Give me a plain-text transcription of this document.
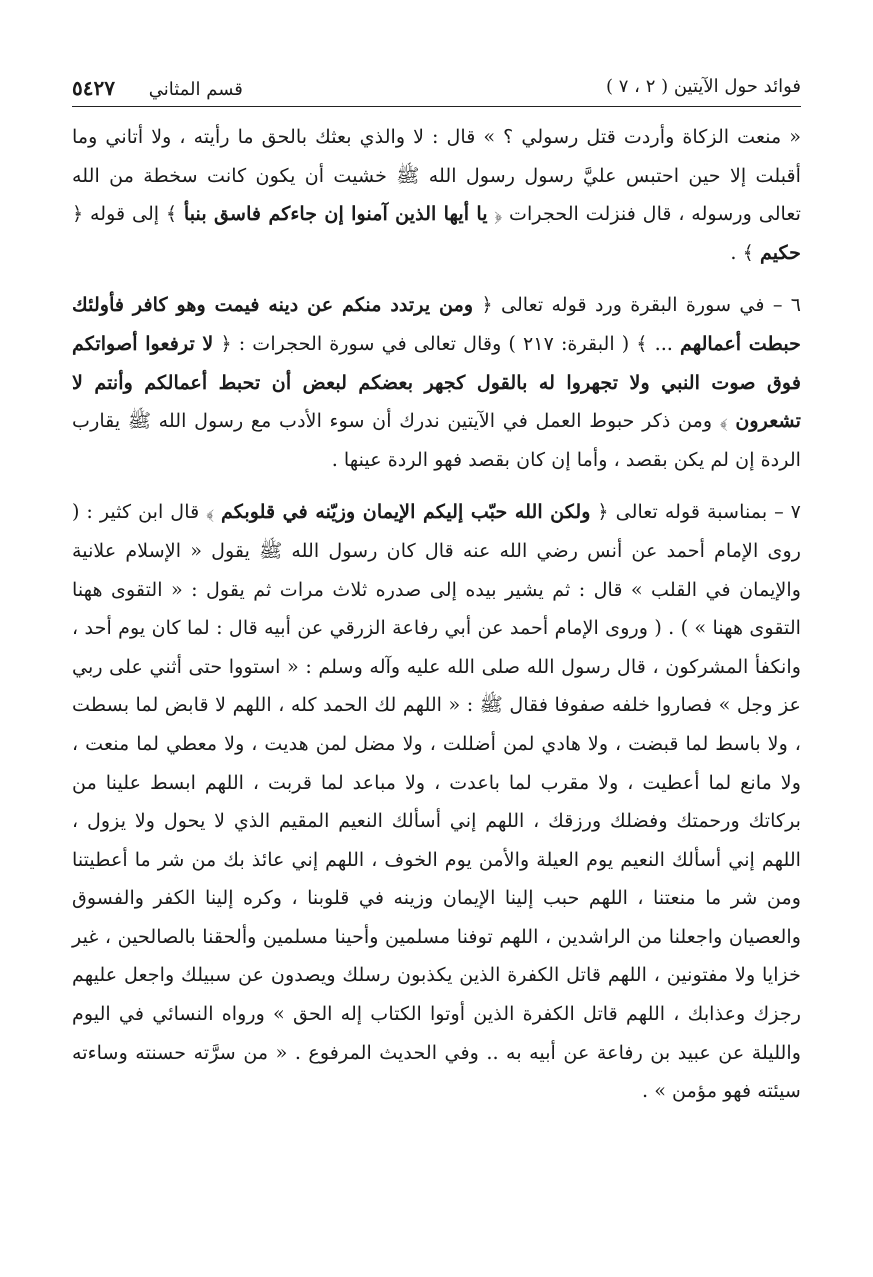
فوائد حول الآيتين ( ٢ ، ٧ )
قسم المثاني ٥٤٢٧

« منعت الزكاة وأردت قتل رسولي ؟ » قال : لا والذي بعثك بالحق ما رأيته ، ولا أتاني وما أقبلت إلا حين احتبس عليَّ رسول رسول الله ﷺ خشيت أن يكون كانت سخطة من الله تعالى ورسوله ، قال فنزلت الحجرات ﴿ يا أيها الذين آمنوا إن جاءكم فاسق بنبأ ﴾ إلى قوله ﴿ حكيم ﴾ .

٦ – في سورة البقرة ورد قوله تعالى ﴿ ومن يرتدد منكم عن دينه فيمت وهو كافر فأولئك حبطت أعمالهم ... ﴾ ( البقرة: ٢١٧ ) وقال تعالى في سورة الحجرات : ﴿ لا ترفعوا أصواتكم فوق صوت النبي ولا تجهروا له بالقول كجهر بعضكم لبعض أن تحبط أعمالكم وأنتم لا تشعرون ﴾ ومن ذكر حبوط العمل في الآيتين ندرك أن سوء الأدب مع رسول الله ﷺ يقارب الردة إن لم يكن بقصد ، وأما إن كان بقصد فهو الردة عينها .

٧ – بمناسبة قوله تعالى ﴿ ولكن الله حبّب إليكم الإيمان وزيّنه في قلوبكم ﴾ قال ابن كثير : ( روى الإمام أحمد عن أنس رضي الله عنه قال كان رسول الله ﷺ يقول « الإسلام علانية والإيمان في القلب » قال : ثم يشير بيده إلى صدره ثلاث مرات ثم يقول : « التقوى ههنا التقوى ههنا » ) . ( وروى الإمام أحمد عن أبي رفاعة الزرقي عن أبيه قال : لما كان يوم أحد ، وانكفأ المشركون ، قال رسول الله صلى الله عليه وآله وسلم : « استووا حتى أثني على ربي عز وجل » فصاروا خلفه صفوفا فقال ﷺ : « اللهم لك الحمد كله ، اللهم لا قابض لما بسطت ، ولا باسط لما قبضت ، ولا هادي لمن أضللت ، ولا مضل لمن هديت ، ولا معطي لما منعت ، ولا مانع لما أعطيت ، ولا مقرب لما باعدت ، ولا مباعد لما قربت ، اللهم ابسط علينا من بركاتك ورحمتك وفضلك ورزقك ، اللهم إني أسألك النعيم المقيم الذي لا يحول ولا يزول ، اللهم إني أسألك النعيم يوم العيلة والأمن يوم الخوف ، اللهم إني عائذ بك من شر ما أعطيتنا ومن شر ما منعتنا ، اللهم حبب إلينا الإيمان وزينه في قلوبنا ، وكره إلينا الكفر والفسوق والعصيان واجعلنا من الراشدين ، اللهم توفنا مسلمين وأحينا مسلمين وألحقنا بالصالحين ، غير خزايا ولا مفتونين ، اللهم قاتل الكفرة الذين يكذبون رسلك ويصدون عن سبيلك واجعل عليهم رجزك وعذابك ، اللهم قاتل الكفرة الذين أوتوا الكتاب إله الحق » ورواه النسائي في اليوم والليلة عن عبيد بن رفاعة عن أبيه به .. وفي الحديث المرفوع . « من سرَّته حسنته وساءته سيئته فهو مؤمن » .
